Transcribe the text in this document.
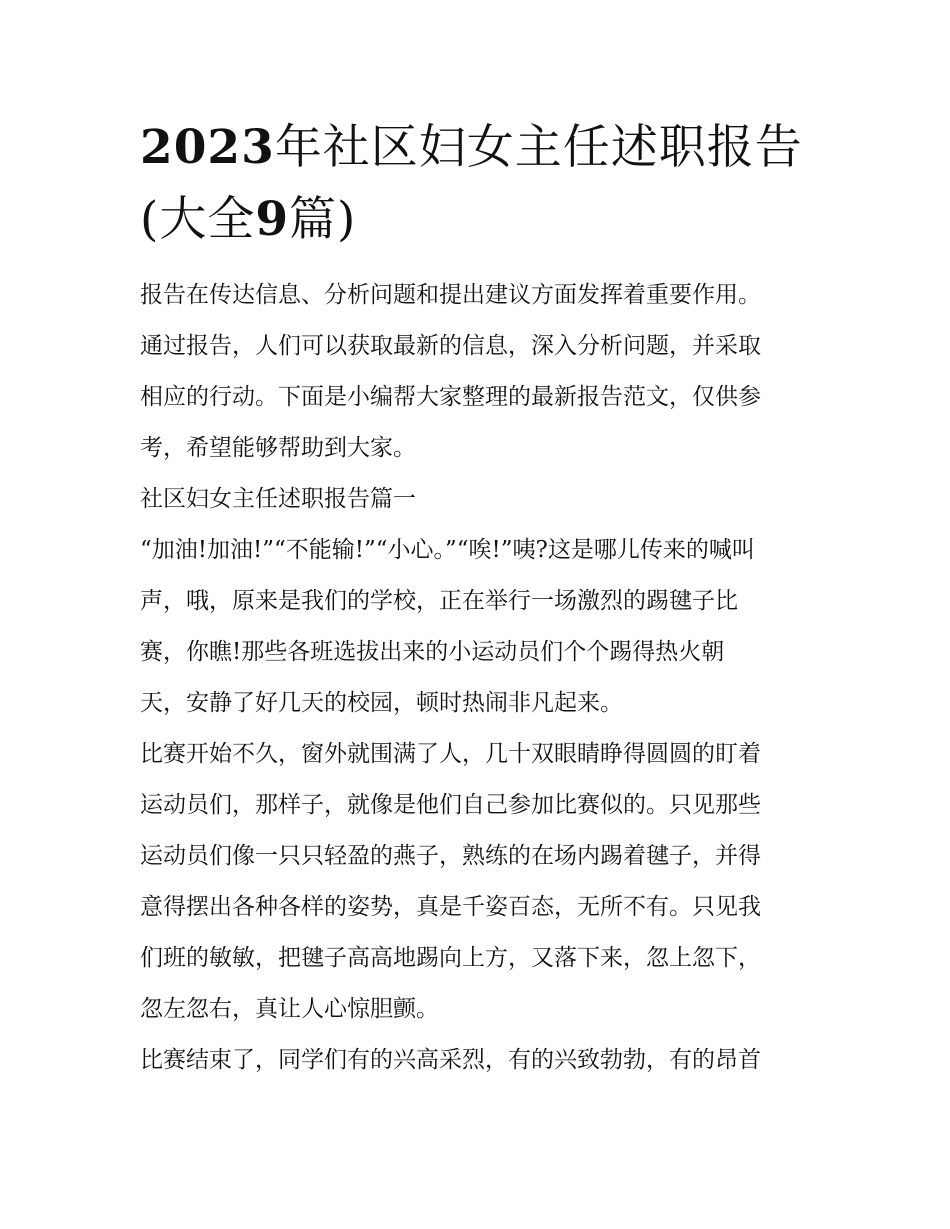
2023年社区妇女主任述职报告
(大全9篇)

报告在传达信息、分析问题和提出建议方面发挥着重要作用。
通过报告，人们可以获取最新的信息，深入分析问题，并采取
相应的行动。下面是小编帮大家整理的最新报告范文，仅供参
考，希望能够帮助到大家。

社区妇女主任述职报告篇一

“加油!加油!”“不能输!”“小心。”“唉!”咦?这是哪儿传来的喊叫
声，哦，原来是我们的学校，正在举行一场激烈的踢毽子比
赛，你瞧!那些各班选拔出来的小运动员们个个踢得热火朝
天，安静了好几天的校园，顿时热闹非凡起来。

比赛开始不久，窗外就围满了人，几十双眼睛睁得圆圆的盯着
运动员们，那样子，就像是他们自己参加比赛似的。只见那些
运动员们像一只只轻盈的燕子，熟练的在场内踢着毽子，并得
意得摆出各种各样的姿势，真是千姿百态，无所不有。只见我
们班的敏敏，把毽子高高地踢向上方，又落下来，忽上忽下，
忽左忽右，真让人心惊胆颤。

比赛结束了，同学们有的兴高采烈，有的兴致勃勃，有的昂首
